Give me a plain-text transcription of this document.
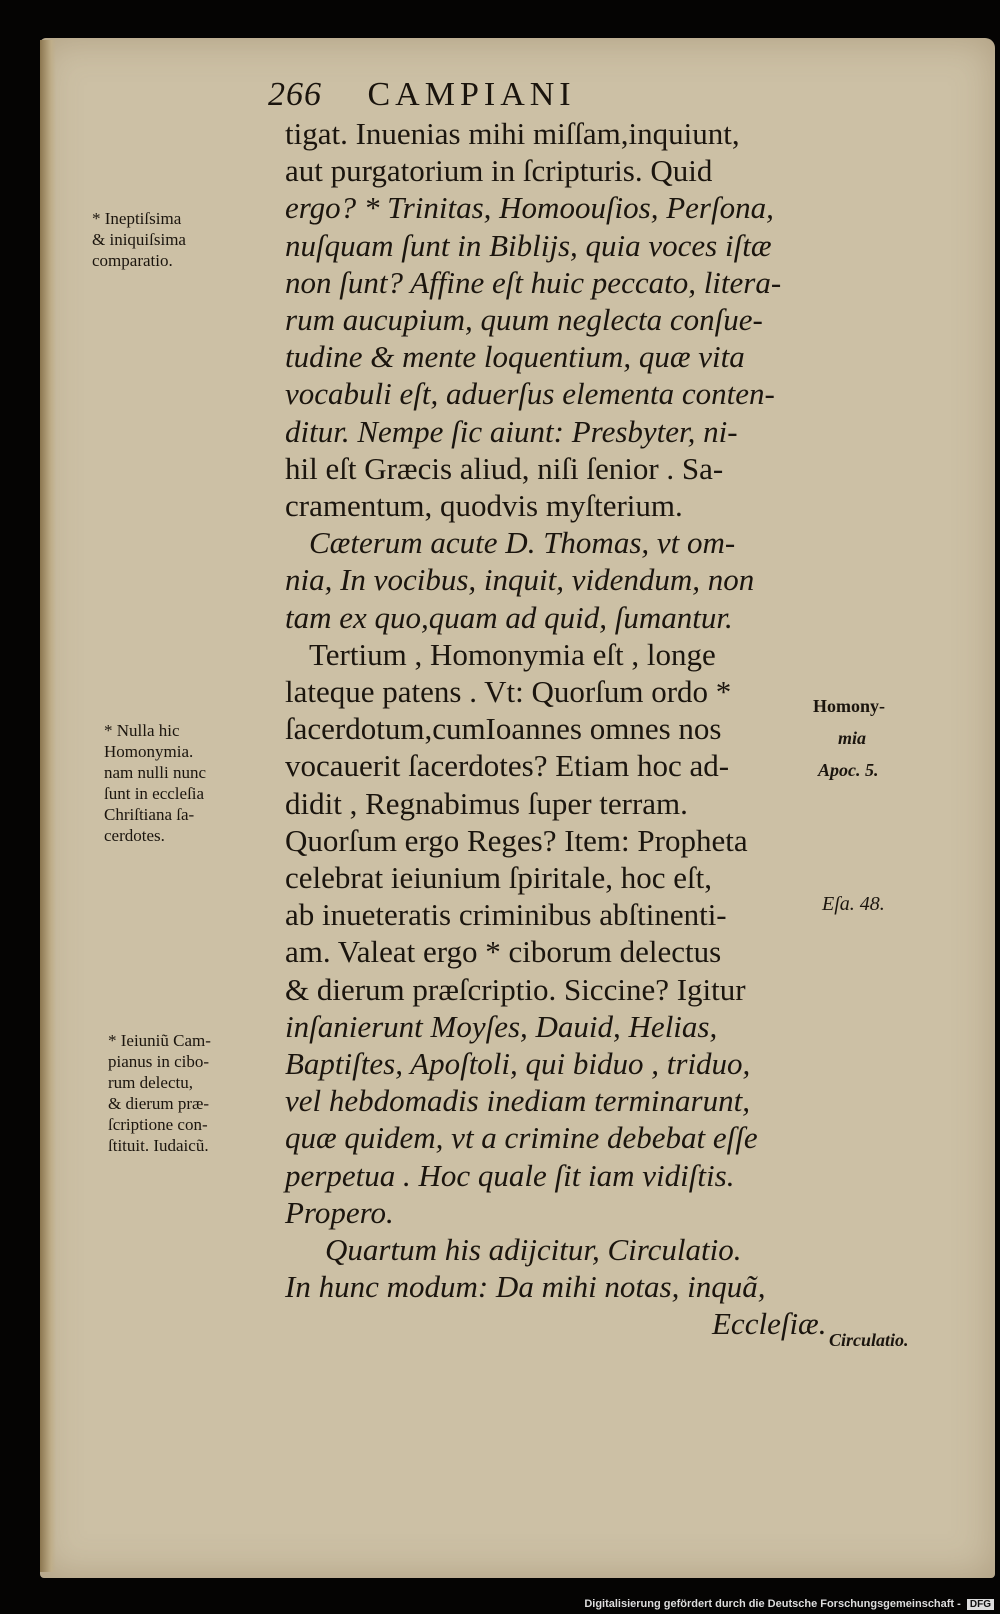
266 CAMPIANI
tigat. Inuenias mihi miſſam,inquiunt,
aut purgatorium in ſcripturis. Quid
ergo? * Trinitas, Homoouſios, Perſona,
nuſquam ſunt in Biblijs, quia voces iſtæ
non ſunt? Affine eſt huic peccato, litera-
rum aucupium, quum neglecta conſue-
tudine & mente loquentium, quæ vita
vocabuli eſt, aduerſus elementa conten-
ditur. Nempe ſic aiunt: Presbyter, ni-
hil eſt Græcis aliud, niſi ſenior . Sa-
cramentum, quodvis myſterium.
Cæterum acute D. Thomas, vt om-
nia, In vocibus, inquit, videndum, non
tam ex quo,quam ad quid, ſumantur.
Tertium , Homonymia eſt , longe
lateque patens . Vt: Quorſum ordo *
ſacerdotum,cumIoannes omnes nos
vocauerit ſacerdotes? Etiam hoc ad-
didit , Regnabimus ſuper terram.
Quorſum ergo Reges? Item: Propheta
celebrat ieiunium ſpiritale, hoc eſt,
ab inueteratis criminibus abſtinenti-
am. Valeat ergo * ciborum delectus
& dierum præſcriptio. Siccine? Igitur
inſanierunt Moyſes, Dauid, Helias,
Baptiſtes, Apoſtoli, qui biduo , triduo,
vel hebdomadis inediam terminarunt,
quæ quidem, vt a crimine debebat eſſe
perpetua . Hoc quale ſit iam vidiſtis.
Propero.
Quartum his adijcitur, Circulatio.
In hunc modum: Da mihi notas, inquã,
Eccleſiæ.
* Ineptiſsima
& iniquiſsima
comparatio.
* Nulla hic
Homonymia.
nam nulli nunc
ſunt in eccleſia
Chriſtiana ſa-
cerdotes.
* Ieiuniũ Cam-
pianus in cibo-
rum delectu,
& dierum præ-
ſcriptione con-
ſtituit. Iudaicũ.
Homony-
mia
Apoc. 5.
Eſa. 48.
Circulatio.
Digitalisierung gefördert durch die Deutsche Forschungsgemeinschaft - DFG
